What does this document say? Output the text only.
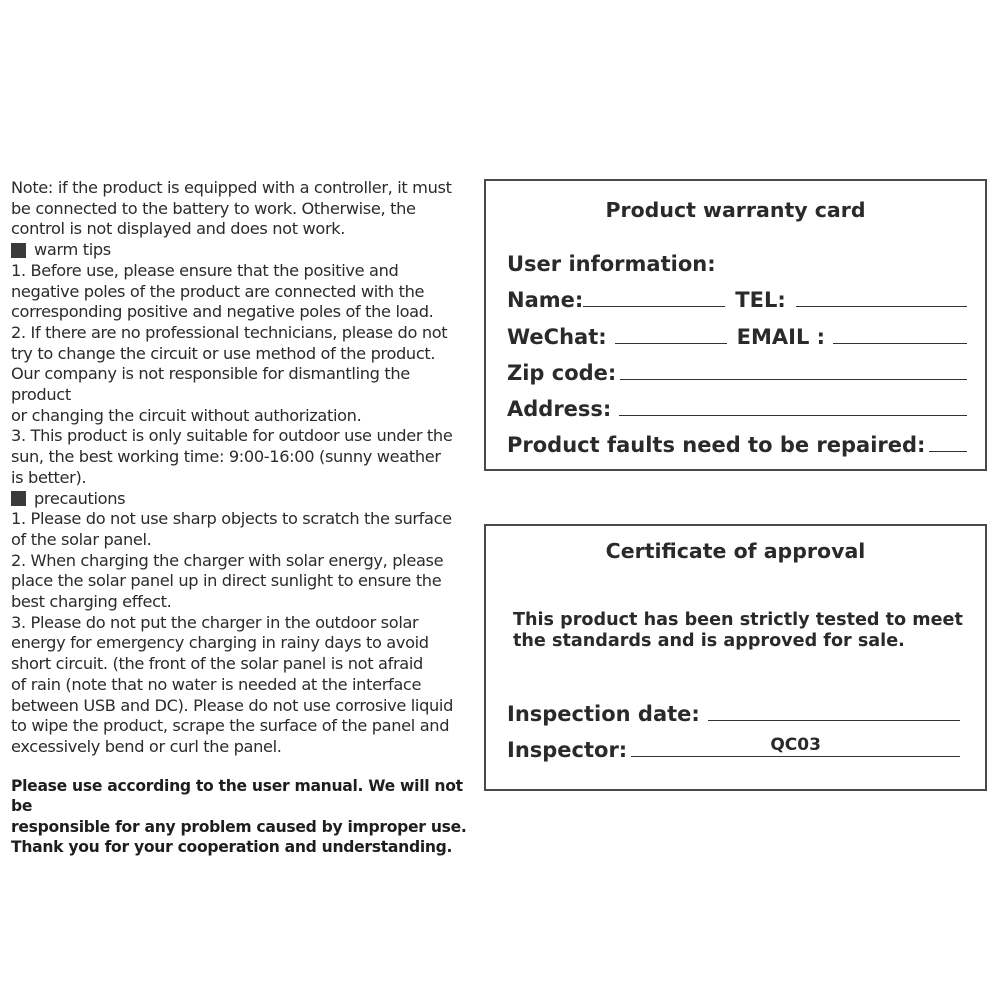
Note: if the product is equipped with a controller, it must

be connected to the battery to work. Otherwise, the

control is not displayed and does not work.

warm tips

1. Before use, please ensure that the positive and

negative poles of the product are connected with the

corresponding positive and negative poles of the load.

2. If there are no professional technicians, please do not

try to change the circuit or use method of the product.

Our company is not responsible for dismantling the product

or changing the circuit without authorization.

3. This product is only suitable for outdoor use under the

sun, the best working time: 9:00-16:00 (sunny weather

is better).

precautions

1. Please do not use sharp objects to scratch the surface

of the solar panel.

2. When charging the charger with solar energy, please

place the solar panel up in direct sunlight to ensure the

best charging effect.

3. Please do not put the charger in the outdoor solar

energy for emergency charging in rainy days to avoid

short circuit. (the front of the solar panel is not afraid

of rain (note that no water is needed at the interface

between USB and DC). Please do not use corrosive liquid

to wipe the product, scrape the surface of the panel and

excessively bend or curl the panel.

Please use according to the user manual. We will not be
responsible for any problem caused by improper use.
Thank you for your cooperation and understanding.

Product warranty card
User information:
Name:	TEL:
WeChat:	EMAIL :
Zip code:
Address:
Product faults need to be repaired:
Certificate of approval
This product has been strictly tested to meet
the standards and is approved for sale.
Inspection date:
Inspector:	QC03
